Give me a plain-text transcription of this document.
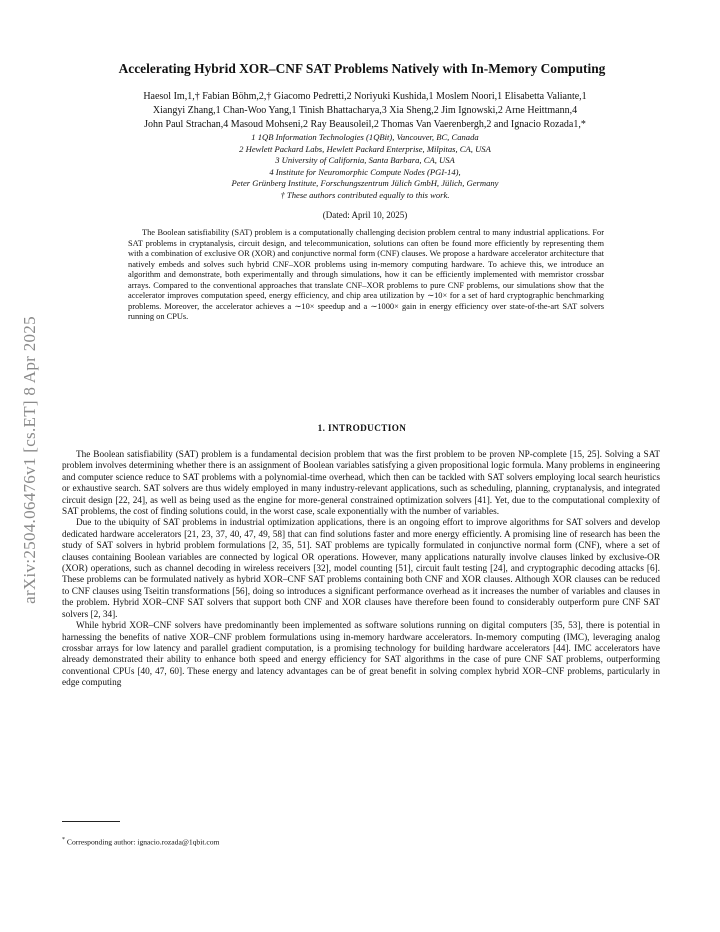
arXiv:2504.06476v1 [cs.ET] 8 Apr 2025
Accelerating Hybrid XOR–CNF SAT Problems Natively with In-Memory Computing
Haesol Im,1,† Fabian Böhm,2,† Giacomo Pedretti,2 Noriyuki Kushida,1 Moslem Noori,1 Elisabetta Valiante,1
Xiangyi Zhang,1 Chan-Woo Yang,1 Tinish Bhattacharya,3 Xia Sheng,2 Jim Ignowski,2 Arne Heittmann,4
John Paul Strachan,4 Masoud Mohseni,2 Ray Beausoleil,2 Thomas Van Vaerenbergh,2 and Ignacio Rozada1,*
1 1QB Information Technologies (1QBit), Vancouver, BC, Canada
2 Hewlett Packard Labs, Hewlett Packard Enterprise, Milpitas, CA, USA
3 University of California, Santa Barbara, CA, USA
4 Institute for Neuromorphic Compute Nodes (PGI-14),
Peter Grünberg Institute, Forschungszentrum Jülich GmbH, Jülich, Germany
† These authors contributed equally to this work.
(Dated: April 10, 2025)
The Boolean satisfiability (SAT) problem is a computationally challenging decision problem central to many industrial applications. For SAT problems in cryptanalysis, circuit design, and telecommunication, solutions can often be found more efficiently by representing them with a combination of exclusive OR (XOR) and conjunctive normal form (CNF) clauses. We propose a hardware accelerator architecture that natively embeds and solves such hybrid CNF–XOR problems using in-memory computing hardware. To achieve this, we introduce an algorithm and demonstrate, both experimentally and through simulations, how it can be efficiently implemented with memristor crossbar arrays. Compared to the conventional approaches that translate CNF–XOR problems to pure CNF problems, our simulations show that the accelerator improves computation speed, energy efficiency, and chip area utilization by ∼10× for a set of hard cryptographic benchmarking problems. Moreover, the accelerator achieves a ∼10× speedup and a ∼1000× gain in energy efficiency over state-of-the-art SAT solvers running on CPUs.
1. INTRODUCTION

The Boolean satisfiability (SAT) problem is a fundamental decision problem that was the first problem to be proven NP-complete [15, 25]. Solving a SAT problem involves determining whether there is an assignment of Boolean variables satisfying a given propositional logic formula. Many problems in engineering and computer science reduce to SAT problems with a polynomial-time overhead, which then can be tackled with SAT solvers employing local search heuristics or exhaustive search. SAT solvers are thus widely employed in many industry-relevant applications, such as scheduling, planning, cryptanalysis, and integrated circuit design [22, 24], as well as being used as the engine for more-general constrained optimization solvers [41]. Yet, due to the computational complexity of SAT problems, the cost of finding solutions could, in the worst case, scale exponentially with the number of variables.

Due to the ubiquity of SAT problems in industrial optimization applications, there is an ongoing effort to improve algorithms for SAT solvers and develop dedicated hardware accelerators [21, 23, 37, 40, 47, 49, 58] that can find solutions faster and more energy efficiently. A promising line of research has been the study of SAT solvers in hybrid problem formulations [2, 35, 51]. SAT problems are typically formulated in conjunctive normal form (CNF), where a set of clauses containing Boolean variables are connected by logical OR operations. However, many applications naturally involve clauses linked by exclusive-OR (XOR) operations, such as channel decoding in wireless receivers [32], model counting [51], circuit fault testing [24], and cryptographic decoding attacks [6]. These problems can be formulated natively as hybrid XOR–CNF SAT problems containing both CNF and XOR clauses. Although XOR clauses can be reduced to CNF clauses using Tseitin transformations [56], doing so introduces a significant performance overhead as it increases the number of variables and clauses in the problem. Hybrid XOR–CNF SAT solvers that support both CNF and XOR clauses have therefore been found to considerably outperform pure CNF SAT solvers [2, 34].

While hybrid XOR–CNF solvers have predominantly been implemented as software solutions running on digital computers [35, 53], there is potential in harnessing the benefits of native XOR–CNF problem formulations using in-memory hardware accelerators. In-memory computing (IMC), leveraging analog crossbar arrays for low latency and parallel gradient computation, is a promising technology for building hardware accelerators [44]. IMC accelerators have already demonstrated their ability to enhance both speed and energy efficiency for SAT algorithms in the case of pure CNF SAT problems, outperforming conventional CPUs [40, 47, 60]. These energy and latency advantages can be of great benefit in solving complex hybrid XOR–CNF problems, particularly in edge computing

* Corresponding author: ignacio.rozada@1qbit.com
